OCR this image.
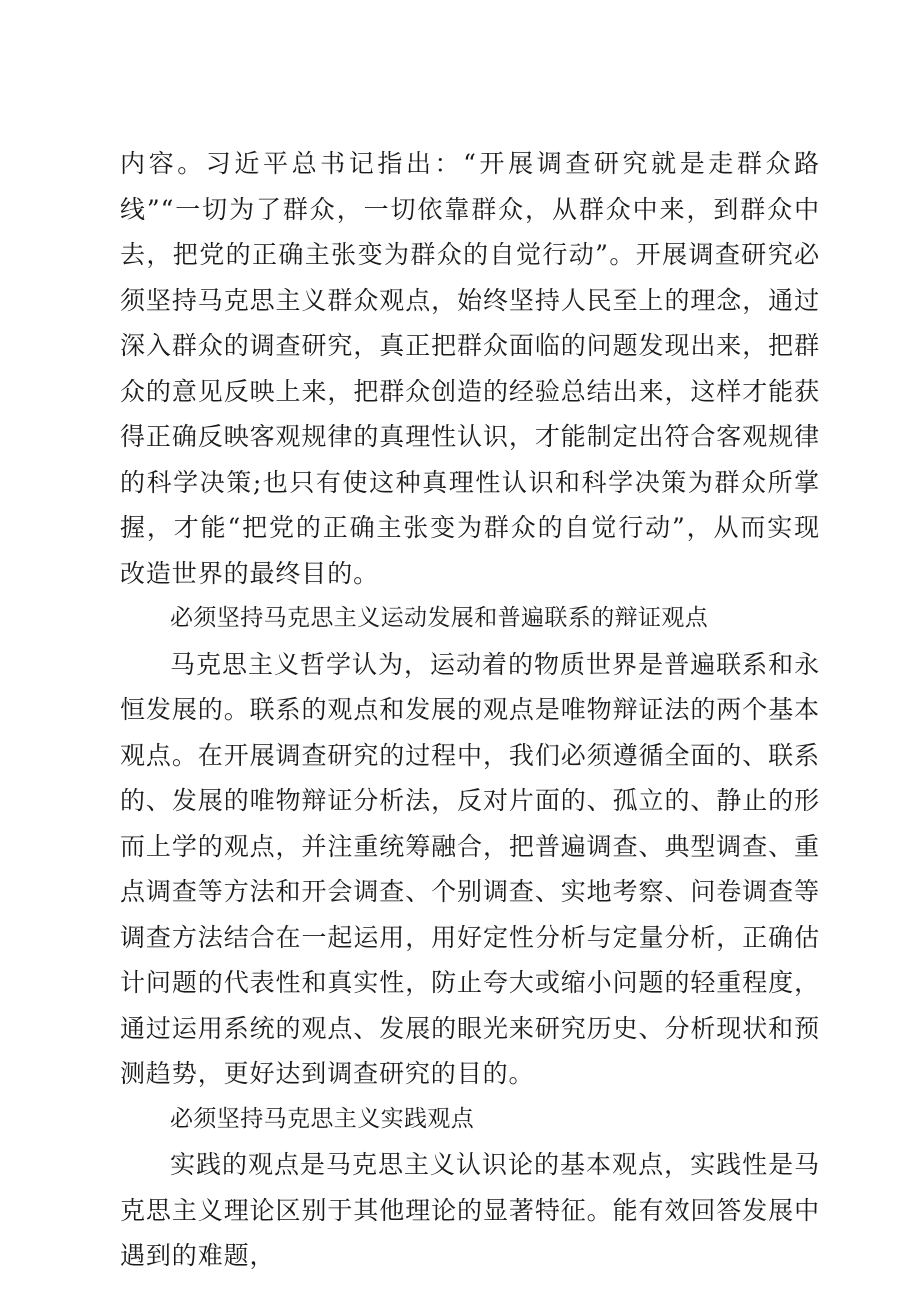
内容。习近平总书记指出：“开展调查研究就是走群众路线”“一切为了群众，一切依靠群众，从群众中来，到群众中去，把党的正确主张变为群众的自觉行动”。开展调查研究必须坚持马克思主义群众观点，始终坚持人民至上的理念，通过深入群众的调查研究，真正把群众面临的问题发现出来，把群众的意见反映上来，把群众创造的经验总结出来，这样才能获得正确反映客观规律的真理性认识，才能制定出符合客观规律的科学决策;也只有使这种真理性认识和科学决策为群众所掌握，才能“把党的正确主张变为群众的自觉行动”，从而实现改造世界的最终目的。

必须坚持马克思主义运动发展和普遍联系的辩证观点

马克思主义哲学认为，运动着的物质世界是普遍联系和永恒发展的。联系的观点和发展的观点是唯物辩证法的两个基本观点。在开展调查研究的过程中，我们必须遵循全面的、联系的、发展的唯物辩证分析法，反对片面的、孤立的、静止的形而上学的观点，并注重统筹融合，把普遍调查、典型调查、重点调查等方法和开会调查、个别调查、实地考察、问卷调查等调查方法结合在一起运用，用好定性分析与定量分析，正确估计问题的代表性和真实性，防止夸大或缩小问题的轻重程度，通过运用系统的观点、发展的眼光来研究历史、分析现状和预测趋势，更好达到调查研究的目的。

必须坚持马克思主义实践观点

实践的观点是马克思主义认识论的基本观点，实践性是马克思主义理论区别于其他理论的显著特征。能有效回答发展中遇到的难题，
